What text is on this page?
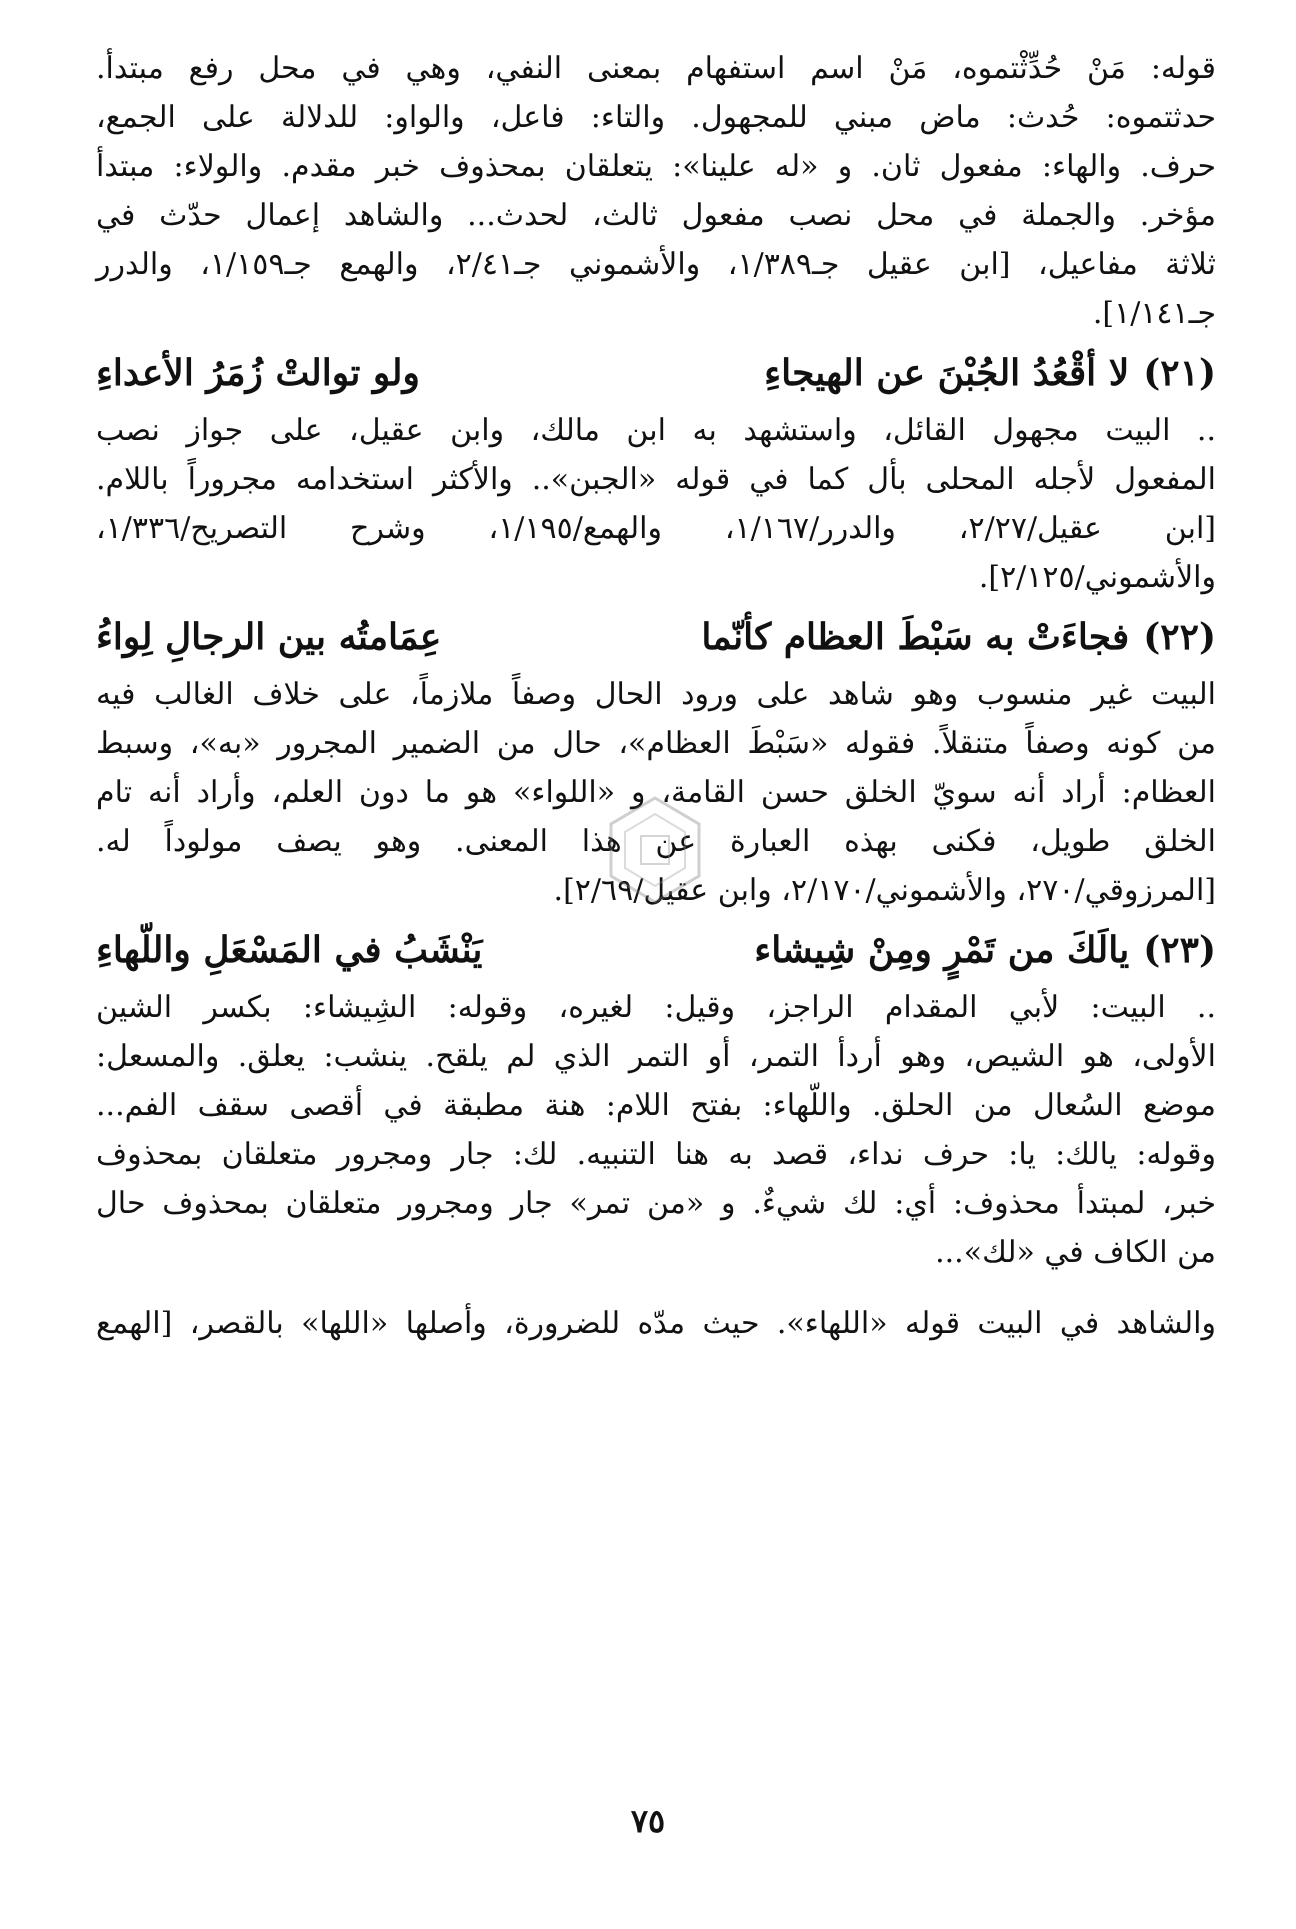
قوله: مَنْ حُدِّثْتموه، مَنْ اسم استفهام بمعنى النفي، وهي في محل رفع مبتدأ.
حدثتموه: حُدث: ماض مبني للمجهول. والتاء: فاعل، والواو: للدلالة على الجمع،
حرف. والهاء: مفعول ثان. و «له علينا»: يتعلقان بمحذوف خبر مقدم. والولاء: مبتدأ
مؤخر. والجملة في محل نصب مفعول ثالث، لحدث... والشاهد إعمال حدّث في
ثلاثة مفاعيل، [ابن عقيل جـ١/٣٨٩، والأشموني جـ٢/٤١، والهمع جـ١/١٥٩، والدرر
جـ١/١٤١].

(٢١)
لا أقْعُدُ الجُبْنَ عن الهيجاءِ
ولو توالتْ زُمَرُ الأعداءِ

.. البيت مجهول القائل، واستشهد به ابن مالك، وابن عقيل، على جواز نصب
المفعول لأجله المحلى بأل كما في قوله «الجبن».. والأكثر استخدامه مجروراً باللام.
[ابن عقيل/٢/٢٧، والدرر/١/١٦٧، والهمع/١/١٩٥، وشرح التصريح/١/٣٣٦،
والأشموني/٢/١٢٥].

(٢٢)
فجاءَتْ به سَبْطَ العظام كأنّما
عِمَامتُه بين الرجالِ لِواءُ

البيت غير منسوب وهو شاهد على ورود الحال وصفاً ملازماً، على خلاف الغالب فيه
من كونه وصفاً متنقلاً. فقوله «سَبْطَ العظام»، حال من الضمير المجرور «به»، وسبط
العظام: أراد أنه سويّ الخلق حسن القامة، و «اللواء» هو ما دون العلم، وأراد أنه تام
الخلق طويل، فكنى بهذه العبارة عن هذا المعنى. وهو يصف مولوداً له.
[المرزوقي/٢٧٠، والأشموني/٢/١٧٠، وابن عقيل/٢/٦٩].

(٢٣)
يالَكَ من تَمْرٍ ومِنْ شِيشاء
يَنْشَبُ في المَسْعَلِ واللّهاءِ

.. البيت: لأبي المقدام الراجز، وقيل: لغيره، وقوله: الشِيشاء: بكسر الشين
الأولى، هو الشيص، وهو أردأ التمر، أو التمر الذي لم يلقح. ينشب: يعلق. والمسعل:
موضع السُعال من الحلق. واللّهاء: بفتح اللام: هنة مطبقة في أقصى سقف الفم...
وقوله: يالك: يا: حرف نداء، قصد به هنا التنبيه. لك: جار ومجرور متعلقان بمحذوف
خبر، لمبتدأ محذوف: أي: لك شيءٌ. و «من تمر» جار ومجرور متعلقان بمحذوف حال
من الكاف في «لك»...

والشاهد في البيت قوله «اللهاء». حيث مدّه للضرورة، وأصلها «اللها» بالقصر، [الهمع

٧٥
